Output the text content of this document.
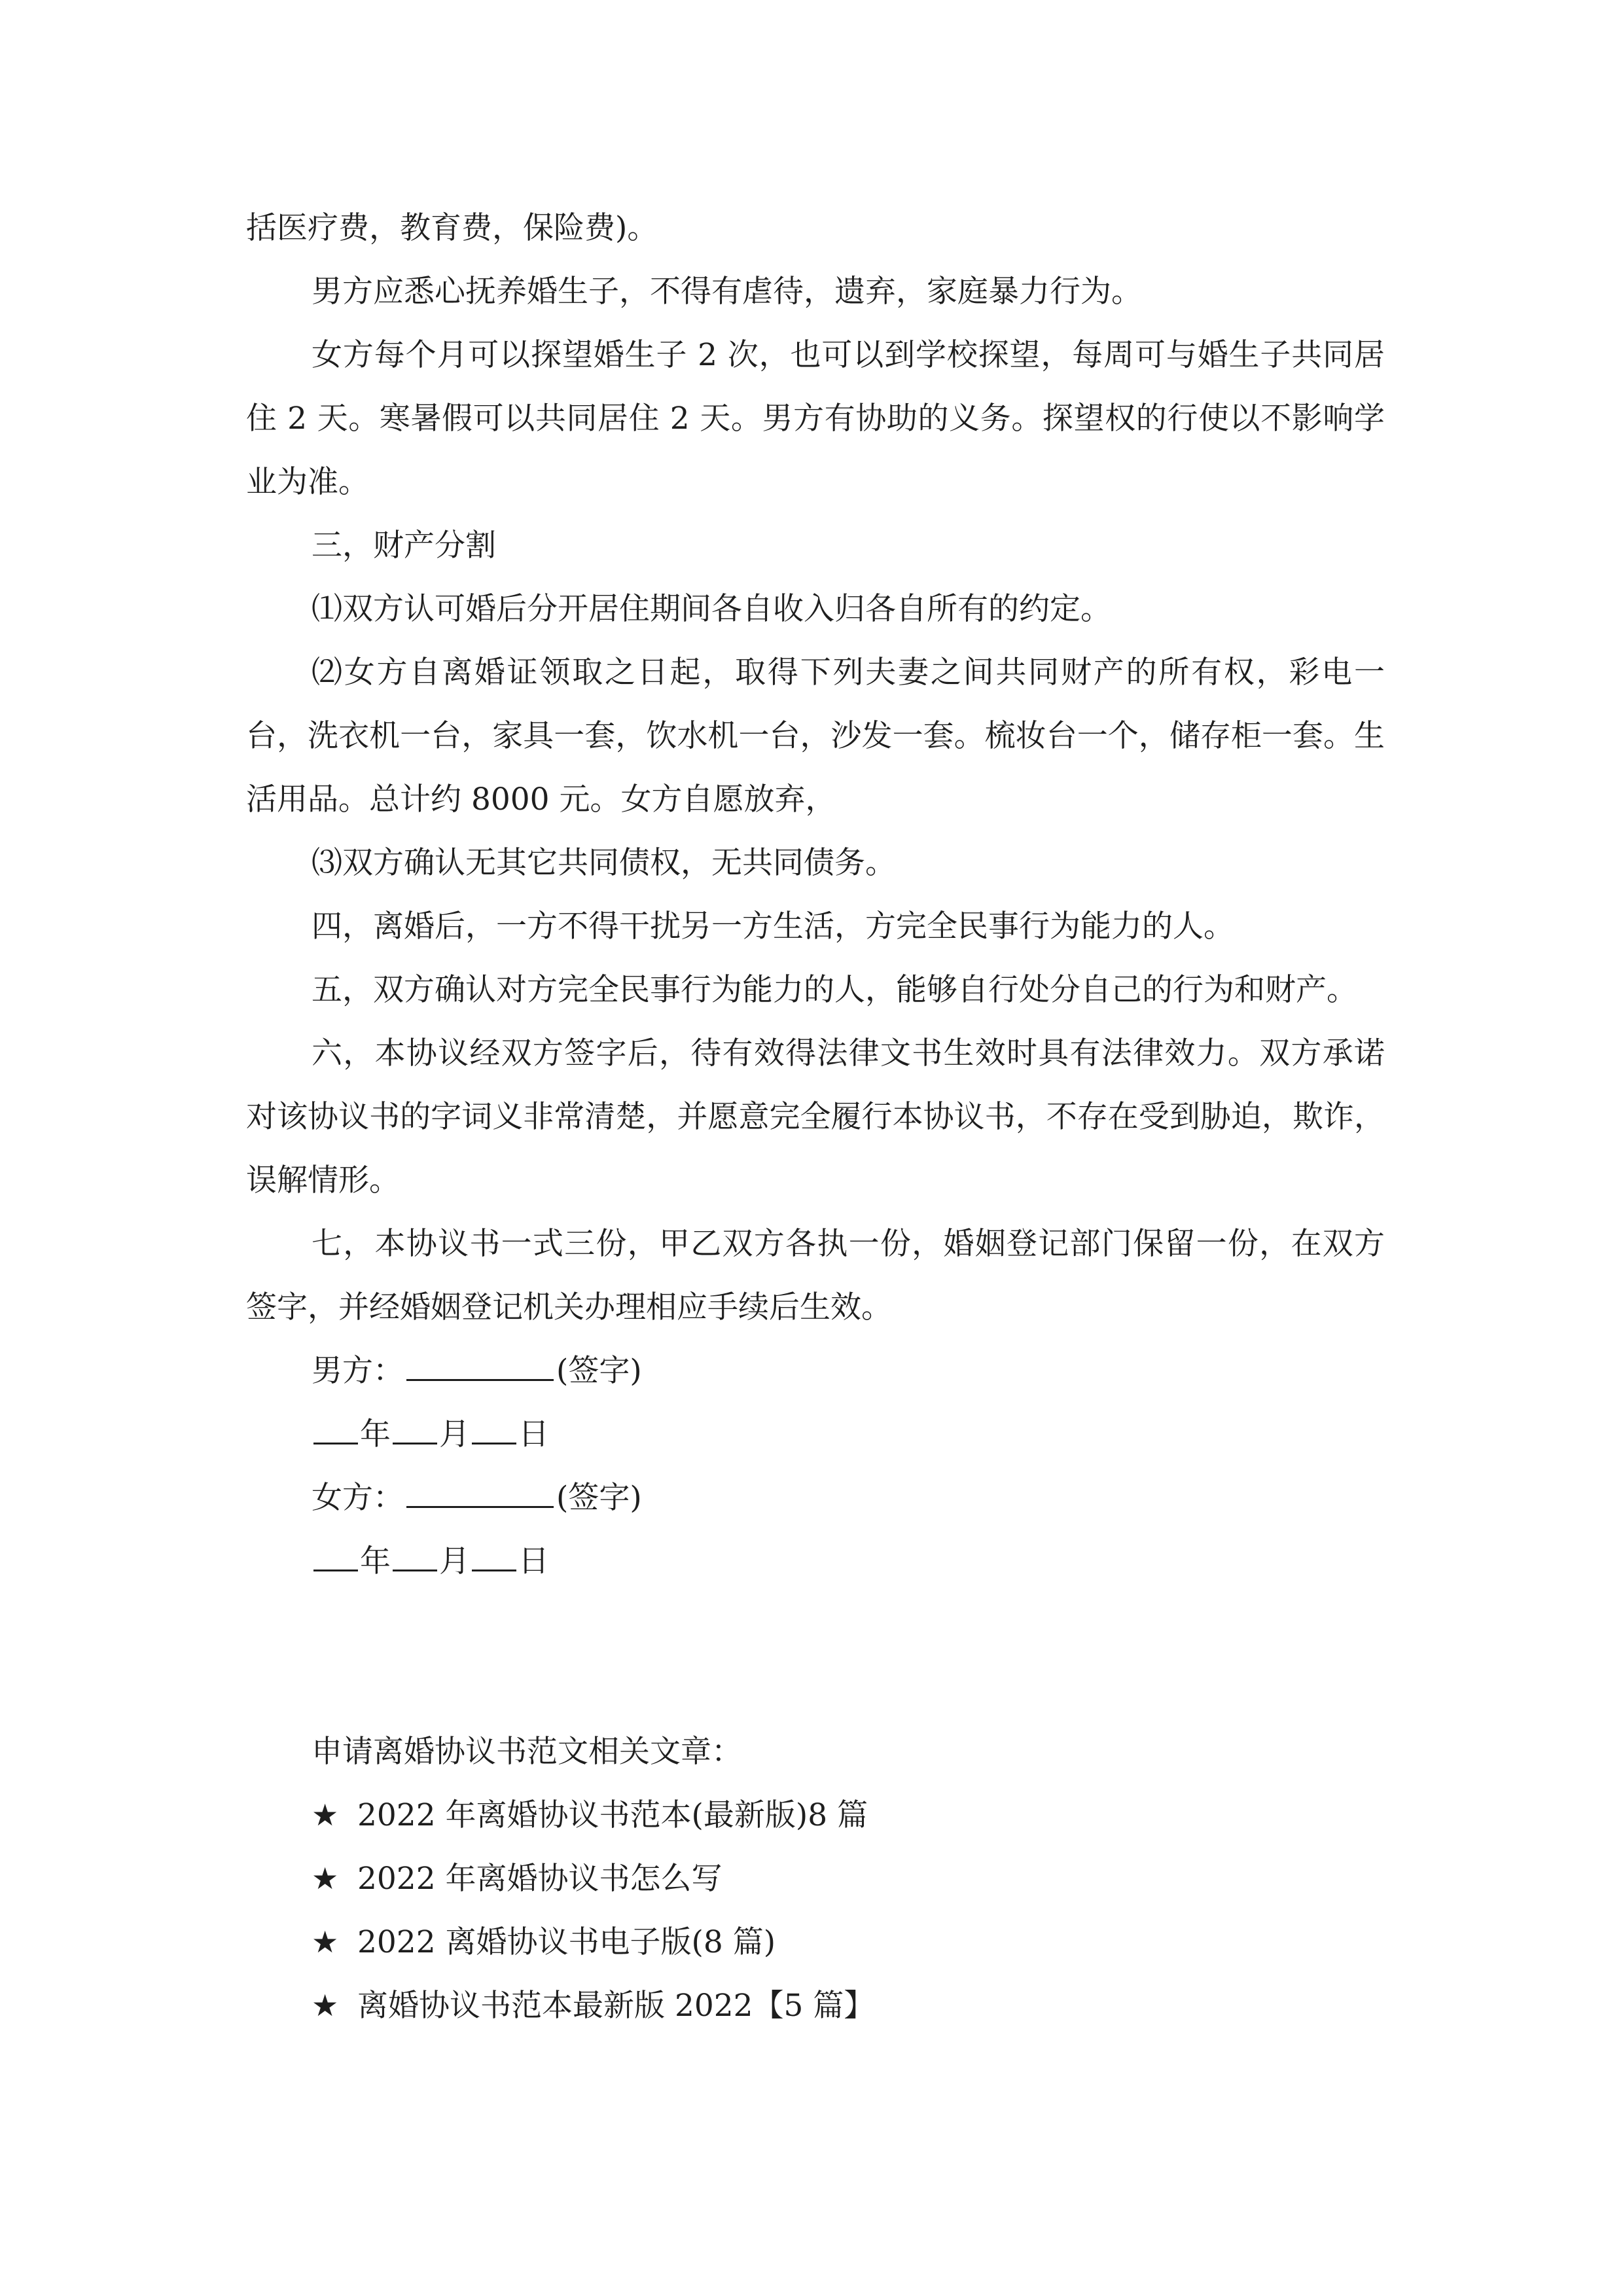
括医疗费，教育费，保险费)。

男方应悉心抚养婚生子，不得有虐待，遗弃，家庭暴力行为。

女方每个月可以探望婚生子 2 次，也可以到学校探望，每周可与婚生子共同居住 2 天。寒暑假可以共同居住 2 天。男方有协助的义务。探望权的行使以不影响学业为准。

三，财产分割

⑴双方认可婚后分开居住期间各自收入归各自所有的约定。

⑵女方自离婚证领取之日起，取得下列夫妻之间共同财产的所有权，彩电一台，洗衣机一台，家具一套，饮水机一台，沙发一套。梳妆台一个，储存柜一套。生活用品。总计约 8000 元。女方自愿放弃，

⑶双方确认无其它共同债权，无共同债务。

四，离婚后，一方不得干扰另一方生活，方完全民事行为能力的人。

五，双方确认对方完全民事行为能力的人，能够自行处分自己的行为和财产。

六，本协议经双方签字后，待有效得法律文书生效时具有法律效力。双方承诺对该协议书的字词义非常清楚，并愿意完全履行本协议书，不存在受到胁迫，欺诈，误解情形。

七，本协议书一式三份，甲乙双方各执一份，婚姻登记部门保留一份，在双方签字，并经婚姻登记机关办理相应手续后生效。

男方：	(签字)

年 月 日

女方：	(签字)

年 月 日

申请离婚协议书范文相关文章：

★ 2022 年离婚协议书范本(最新版)8 篇

★ 2022 年离婚协议书怎么写

★ 2022 离婚协议书电子版(8 篇)

★ 离婚协议书范本最新版 2022【5 篇】
